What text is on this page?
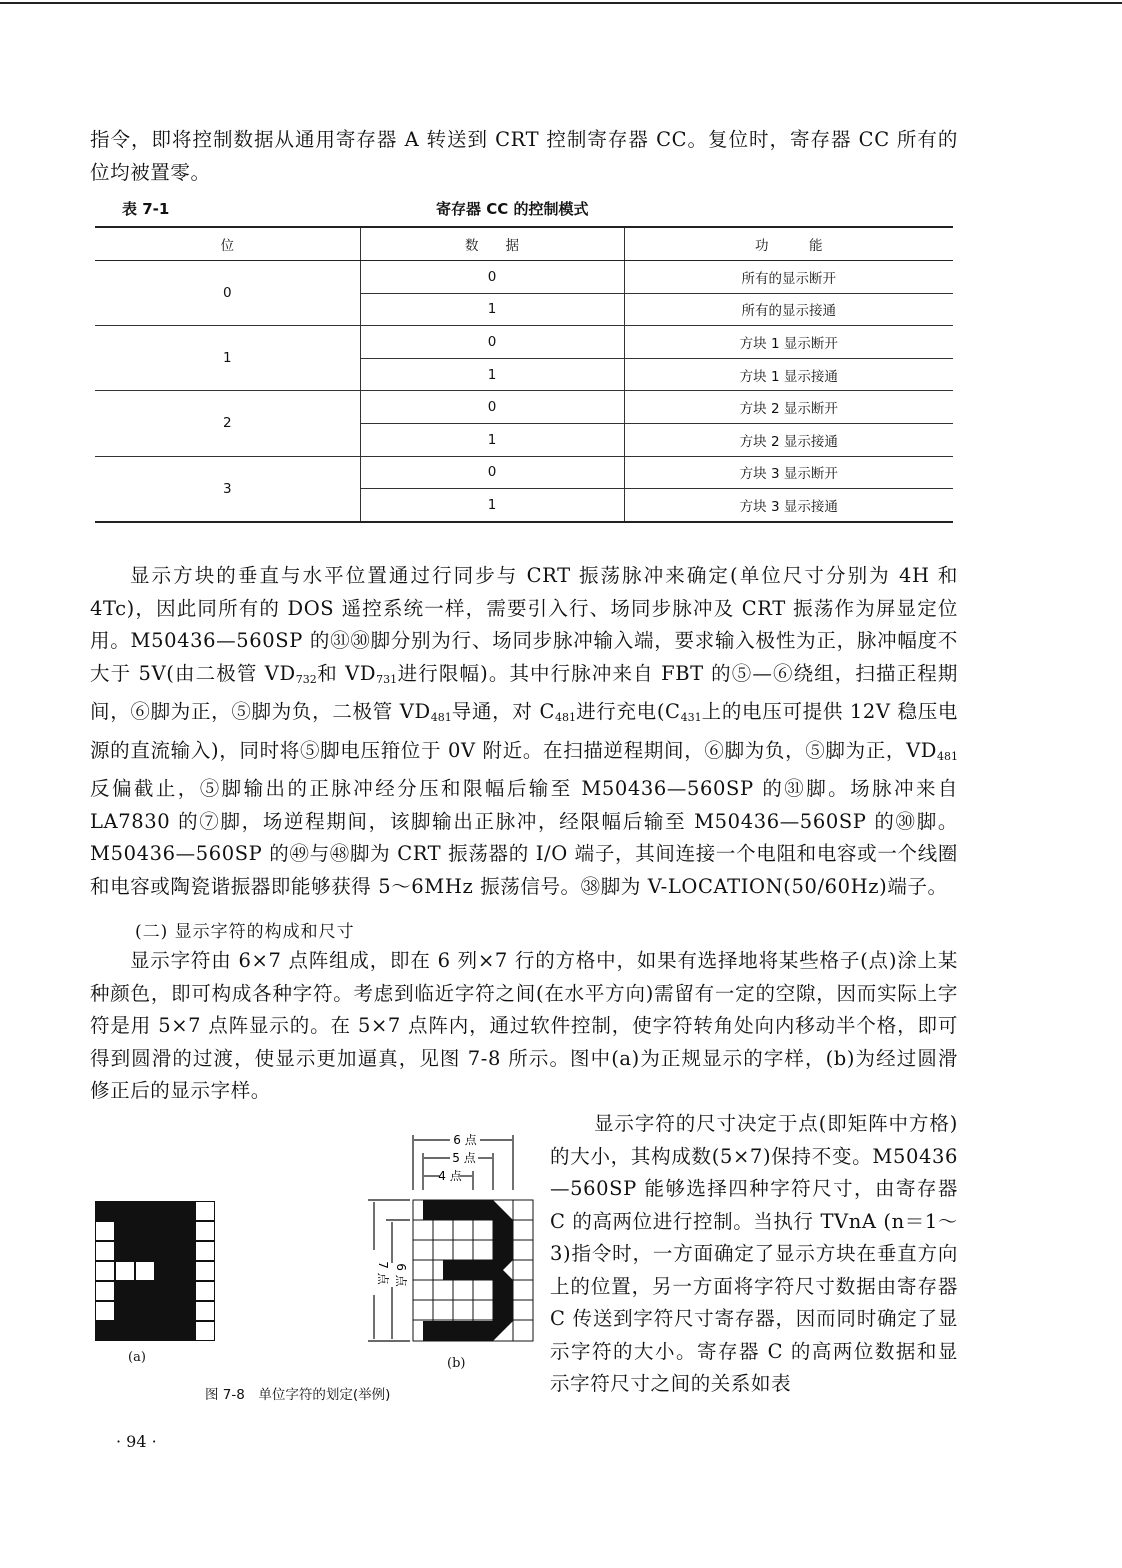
指令，即将控制数据从通用寄存器 A 转送到 CRT 控制寄存器 CC。复位时，寄存器 CC 所有的位均被置零。

表 7-1	寄存器 CC 的控制模式
位	数　　据	功　　　能
0	0	所有的显示断开
	1	所有的显示接通
1	0	方块 1 显示断开
	1	方块 1 显示接通
2	0	方块 2 显示断开
	1	方块 2 显示接通
3	0	方块 3 显示断开
	1	方块 3 显示接通

显示方块的垂直与水平位置通过行同步与 CRT 振荡脉冲来确定(单位尺寸分别为 4H 和 4Tc)，因此同所有的 DOS 遥控系统一样，需要引入行、场同步脉冲及 CRT 振荡作为屏显定位用。M50436—560SP 的㉛㉚脚分别为行、场同步脉冲输入端，要求输入极性为正，脉冲幅度不大于 5V(由二极管 $VD_{732}$和 $VD_{731}$进行限幅)。其中行脉冲来自 FBT 的⑤—⑥绕组，扫描正程期间，⑥脚为正，⑤脚为负，二极管 $VD_{481}$导通，对 $C_{481}$进行充电($C_{431}$上的电压可提供 12V 稳压电源的直流输入)，同时将⑤脚电压箝位于 0V 附近。在扫描逆程期间，⑥脚为负，⑤脚为正，$VD_{481}$反偏截止，⑤脚输出的正脉冲经分压和限幅后输至 M50436—560SP 的㉛脚。场脉冲来自 LA7830 的⑦脚，场逆程期间，该脚输出正脉冲，经限幅后输至 M50436—560SP 的㉚脚。M50436—560SP 的㊾与㊽脚为 CRT 振荡器的 I/O 端子，其间连接一个电阻和电容或一个线圈和电容或陶瓷谐振器即能够获得 5～6MHz 振荡信号。㊳脚为 V-LOCATION(50/60Hz)端子。

(二) 显示字符的构成和尺寸

显示字符由 6×7 点阵组成，即在 6 列×7 行的方格中，如果有选择地将某些格子(点)涂上某种颜色，即可构成各种字符。考虑到临近字符之间(在水平方向)需留有一定的空隙，因而实际上字符是用 5×7 点阵显示的。在 5×7 点阵内，通过软件控制，使字符转角处向内移动半个格，即可得到圆滑的过渡，使显示更加逼真，见图 7-8 所示。图中(a)为正规显示的字样，(b)为经过圆滑修正后的显示字样。

显示字符的尺寸决定于点(即矩阵中方格)的大小，其构成数(5×7)保持不变。M50436—560SP 能够选择四种字符尺寸，由寄存器 C 的高两位进行控制。当执行 TVnA (n＝1～3)指令时，一方面确定了显示方块在垂直方向上的位置，另一方面将字符尺寸数据由寄存器 C 传送到字符尺寸寄存器，因而同时确定了显示字符的大小。寄存器 C 的高两位数据和显示字符尺寸之间的关系如表

(a)
6 点
5 点
4 点
7 点 6 点
(b)
图 7-8　单位字符的划定(举例)
· 94 ·
